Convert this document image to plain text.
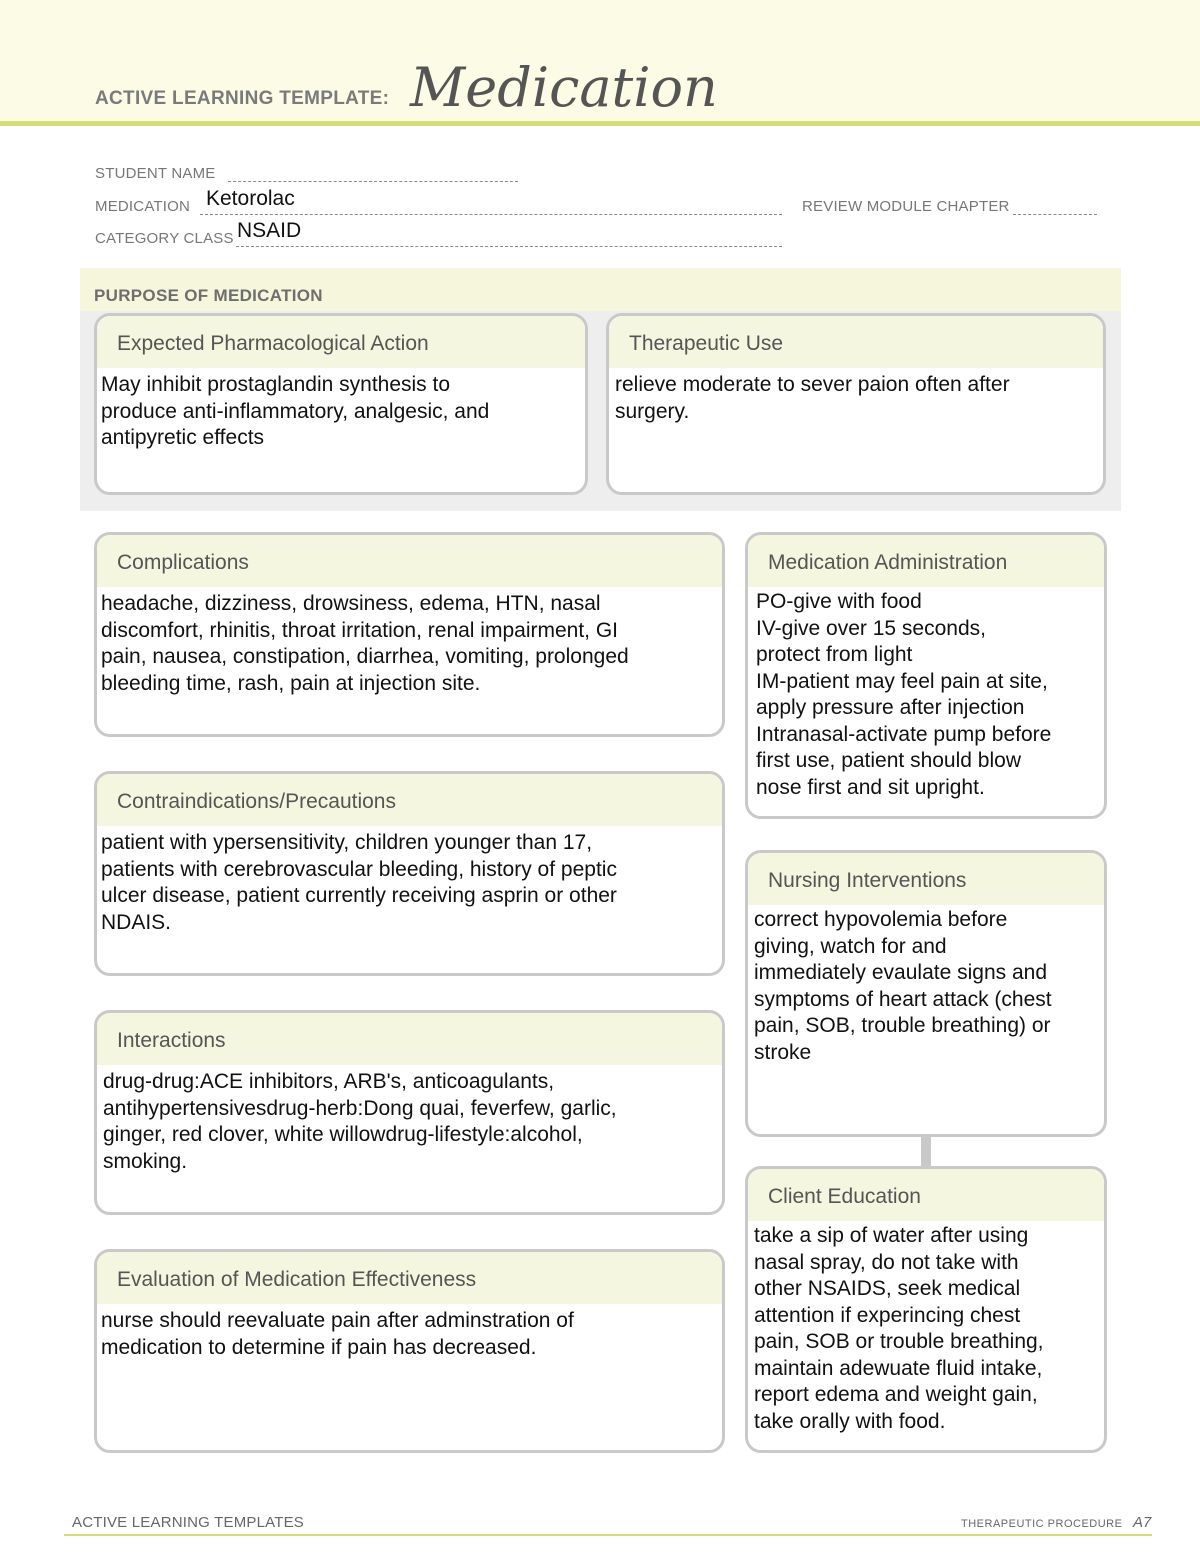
ACTIVE LEARNING TEMPLATE: Medication
STUDENT NAME
MEDICATION Ketorolac	REVIEW MODULE CHAPTER
CATEGORY CLASS NSAID
PURPOSE OF MEDICATION
Expected Pharmacological Action
May inhibit prostaglandin synthesis to
produce anti-inflammatory, analgesic, and
antipyretic effects
Therapeutic Use
relieve moderate to sever paion often after
surgery.
Complications
headache, dizziness, drowsiness, edema, HTN, nasal
discomfort, rhinitis, throat irritation, renal impairment, GI
pain, nausea, constipation, diarrhea, vomiting, prolonged
bleeding time, rash, pain at injection site.
Contraindications/Precautions
patient with ypersensitivity, children younger than 17,
patients with cerebrovascular bleeding, history of peptic
ulcer disease, patient currently receiving asprin or other
NDAIS.
Interactions
drug-drug:ACE inhibitors, ARB's, anticoagulants,
antihypertensivesdrug-herb:Dong quai, feverfew, garlic,
ginger, red clover, white willowdrug-lifestyle:alcohol,
smoking.
Evaluation of Medication Effectiveness
nurse should reevaluate pain after adminstration of
medication to determine if pain has decreased.
Medication Administration
PO-give with food
IV-give over 15 seconds,
protect from light
IM-patient may feel pain at site,
apply pressure after injection
Intranasal-activate pump before
first use, patient should blow
nose first and sit upright.
Nursing Interventions
correct hypovolemia before
giving, watch for and
immediately evaulate signs and
symptoms of heart attack (chest
pain, SOB, trouble breathing) or
stroke
Client Education
take a sip of water after using
nasal spray, do not take with
other NSAIDS, seek medical
attention if experincing chest
pain, SOB or trouble breathing,
maintain adewuate fluid intake,
report edema and weight gain,
take orally with food.
ACTIVE LEARNING TEMPLATES	THERAPEUTIC PROCEDURE A7
